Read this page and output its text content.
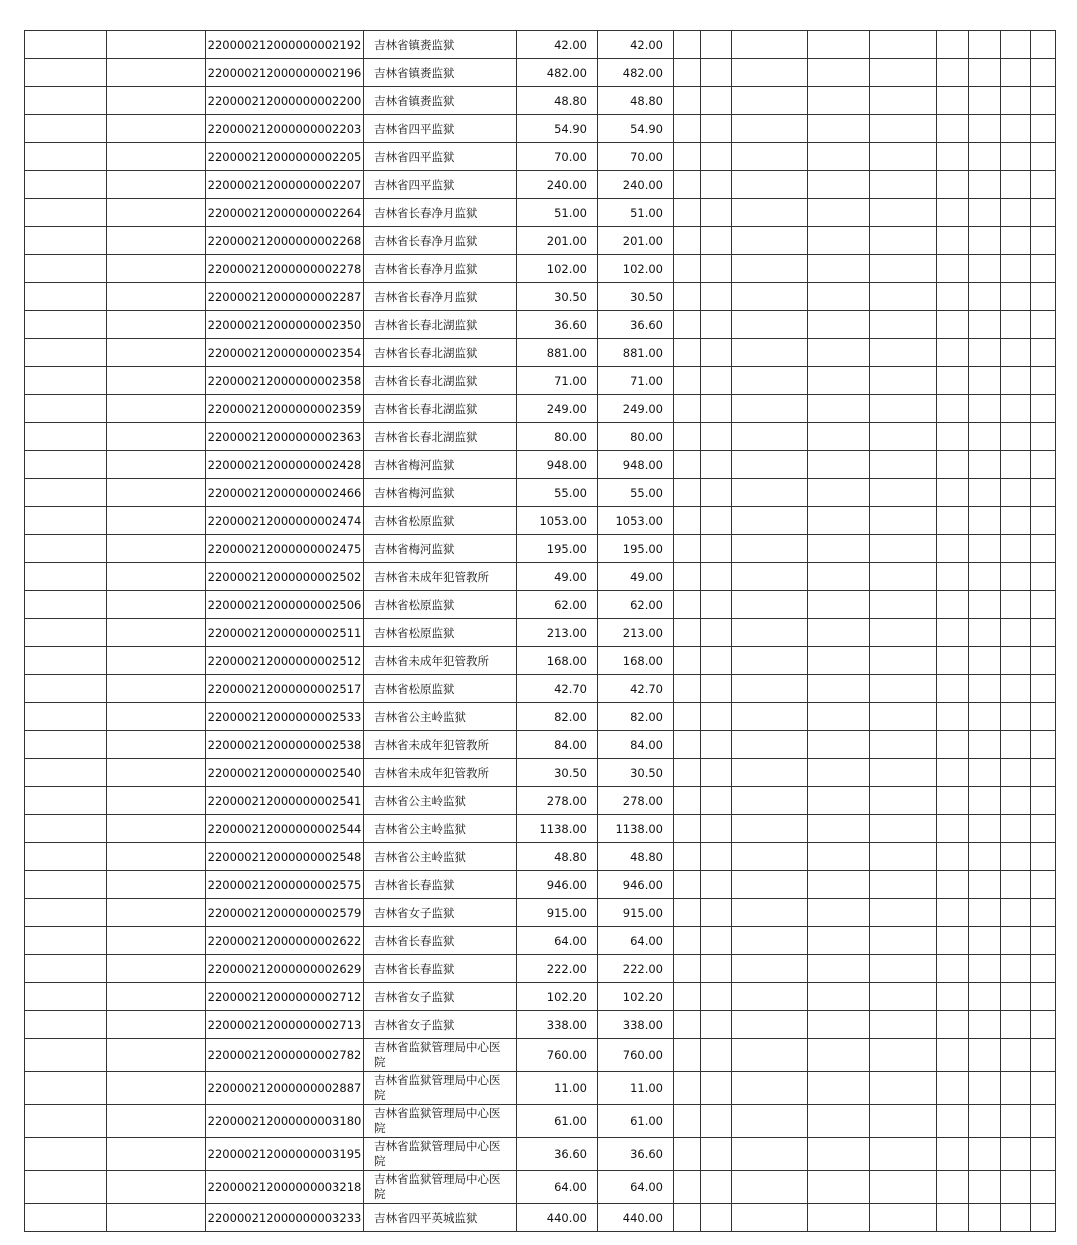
		220000212000000002192	吉林省镇赉监狱	42.00	42.00									
		220000212000000002196	吉林省镇赉监狱	482.00	482.00									
		220000212000000002200	吉林省镇赉监狱	48.80	48.80									
		220000212000000002203	吉林省四平监狱	54.90	54.90									
		220000212000000002205	吉林省四平监狱	70.00	70.00									
		220000212000000002207	吉林省四平监狱	240.00	240.00									
		220000212000000002264	吉林省长春净月监狱	51.00	51.00									
		220000212000000002268	吉林省长春净月监狱	201.00	201.00									
		220000212000000002278	吉林省长春净月监狱	102.00	102.00									
		220000212000000002287	吉林省长春净月监狱	30.50	30.50									
		220000212000000002350	吉林省长春北湖监狱	36.60	36.60									
		220000212000000002354	吉林省长春北湖监狱	881.00	881.00									
		220000212000000002358	吉林省长春北湖监狱	71.00	71.00									
		220000212000000002359	吉林省长春北湖监狱	249.00	249.00									
		220000212000000002363	吉林省长春北湖监狱	80.00	80.00									
		220000212000000002428	吉林省梅河监狱	948.00	948.00									
		220000212000000002466	吉林省梅河监狱	55.00	55.00									
		220000212000000002474	吉林省松原监狱	1053.00	1053.00									
		220000212000000002475	吉林省梅河监狱	195.00	195.00									
		220000212000000002502	吉林省未成年犯管教所	49.00	49.00									
		220000212000000002506	吉林省松原监狱	62.00	62.00									
		220000212000000002511	吉林省松原监狱	213.00	213.00									
		220000212000000002512	吉林省未成年犯管教所	168.00	168.00									
		220000212000000002517	吉林省松原监狱	42.70	42.70									
		220000212000000002533	吉林省公主岭监狱	82.00	82.00									
		220000212000000002538	吉林省未成年犯管教所	84.00	84.00									
		220000212000000002540	吉林省未成年犯管教所	30.50	30.50									
		220000212000000002541	吉林省公主岭监狱	278.00	278.00									
		220000212000000002544	吉林省公主岭监狱	1138.00	1138.00									
		220000212000000002548	吉林省公主岭监狱	48.80	48.80									
		220000212000000002575	吉林省长春监狱	946.00	946.00									
		220000212000000002579	吉林省女子监狱	915.00	915.00									
		220000212000000002622	吉林省长春监狱	64.00	64.00									
		220000212000000002629	吉林省长春监狱	222.00	222.00									
		220000212000000002712	吉林省女子监狱	102.20	102.20									
		220000212000000002713	吉林省女子监狱	338.00	338.00									
		220000212000000002782	吉林省监狱管理局中心医院	760.00	760.00									
		220000212000000002887	吉林省监狱管理局中心医院	11.00	11.00									
		220000212000000003180	吉林省监狱管理局中心医院	61.00	61.00									
		220000212000000003195	吉林省监狱管理局中心医院	36.60	36.60									
		220000212000000003218	吉林省监狱管理局中心医院	64.00	64.00									
		220000212000000003233	吉林省四平英城监狱	440.00	440.00									
